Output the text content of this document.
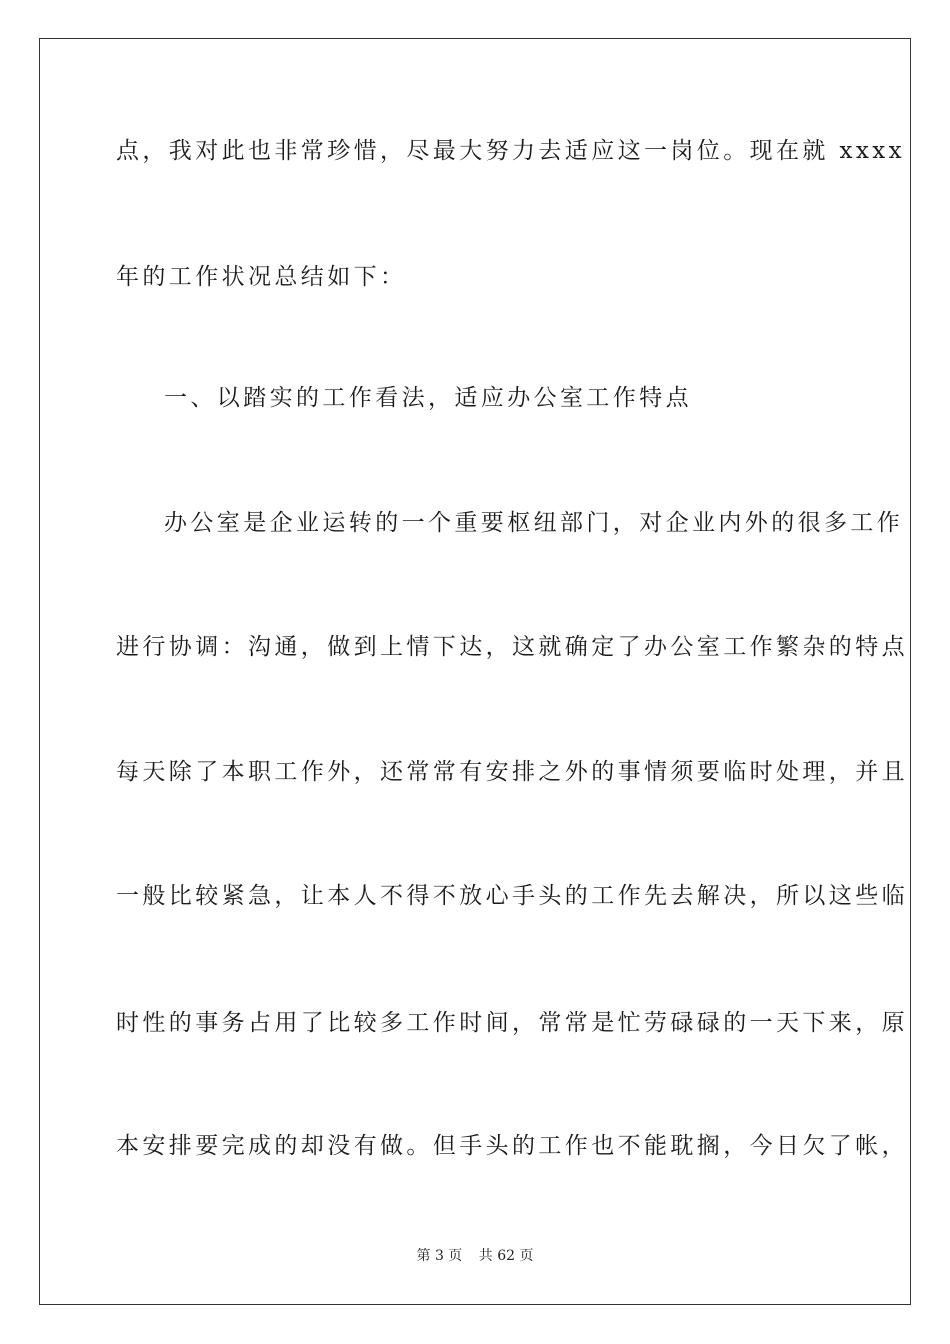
点，我对此也非常珍惜，尽最大努力去适应这一岗位。现在就 xxxx
年的工作状况总结如下：
一、以踏实的工作看法，适应办公室工作特点
办公室是企业运转的一个重要枢纽部门，对企业内外的很多工作
进行协调：沟通，做到上情下达，这就确定了办公室工作繁杂的特点
每天除了本职工作外，还常常有安排之外的事情须要临时处理，并且
一般比较紧急，让本人不得不放心手头的工作先去解决，所以这些临
时性的事务占用了比较多工作时间，常常是忙劳碌碌的一天下来，原
本安排要完成的却没有做。但手头的工作也不能耽搁，今日欠了帐，
第 3 页 共 62 页
